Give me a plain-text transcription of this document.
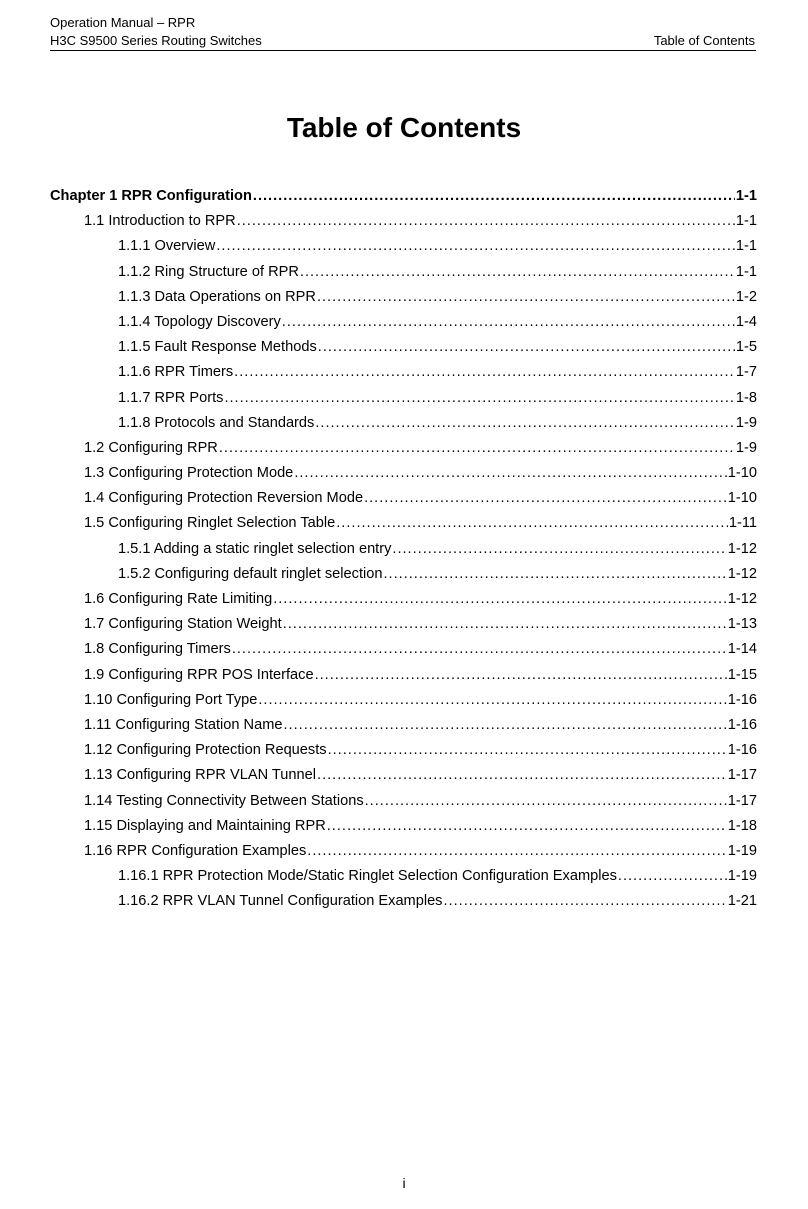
Operation Manual – RPR
H3C S9500 Series Routing Switches	Table of Contents
Table of Contents
Chapter 1 RPR Configuration .....	1-1
1.1 Introduction to RPR .....	1-1
1.1.1 Overview .....	1-1
1.1.2 Ring Structure of RPR .....	1-1
1.1.3 Data Operations on RPR .....	1-2
1.1.4 Topology Discovery .....	1-4
1.1.5 Fault Response Methods .....	1-5
1.1.6 RPR Timers .....	1-7
1.1.7 RPR Ports .....	1-8
1.1.8 Protocols and Standards .....	1-9
1.2 Configuring RPR .....	1-9
1.3 Configuring Protection Mode .....	1-10
1.4 Configuring Protection Reversion Mode .....	1-10
1.5 Configuring Ringlet Selection Table .....	1-11
1.5.1 Adding a static ringlet selection entry .....	1-12
1.5.2 Configuring default ringlet selection .....	1-12
1.6 Configuring Rate Limiting .....	1-12
1.7 Configuring Station Weight .....	1-13
1.8 Configuring Timers .....	1-14
1.9 Configuring RPR POS Interface .....	1-15
1.10 Configuring Port Type .....	1-16
1.11 Configuring Station Name .....	1-16
1.12 Configuring Protection Requests .....	1-16
1.13 Configuring RPR VLAN Tunnel .....	1-17
1.14 Testing Connectivity Between Stations .....	1-17
1.15 Displaying and Maintaining RPR .....	1-18
1.16 RPR Configuration Examples .....	1-19
1.16.1 RPR Protection Mode/Static Ringlet Selection Configuration Examples .....	1-19
1.16.2 RPR VLAN Tunnel Configuration Examples .....	1-21
i
